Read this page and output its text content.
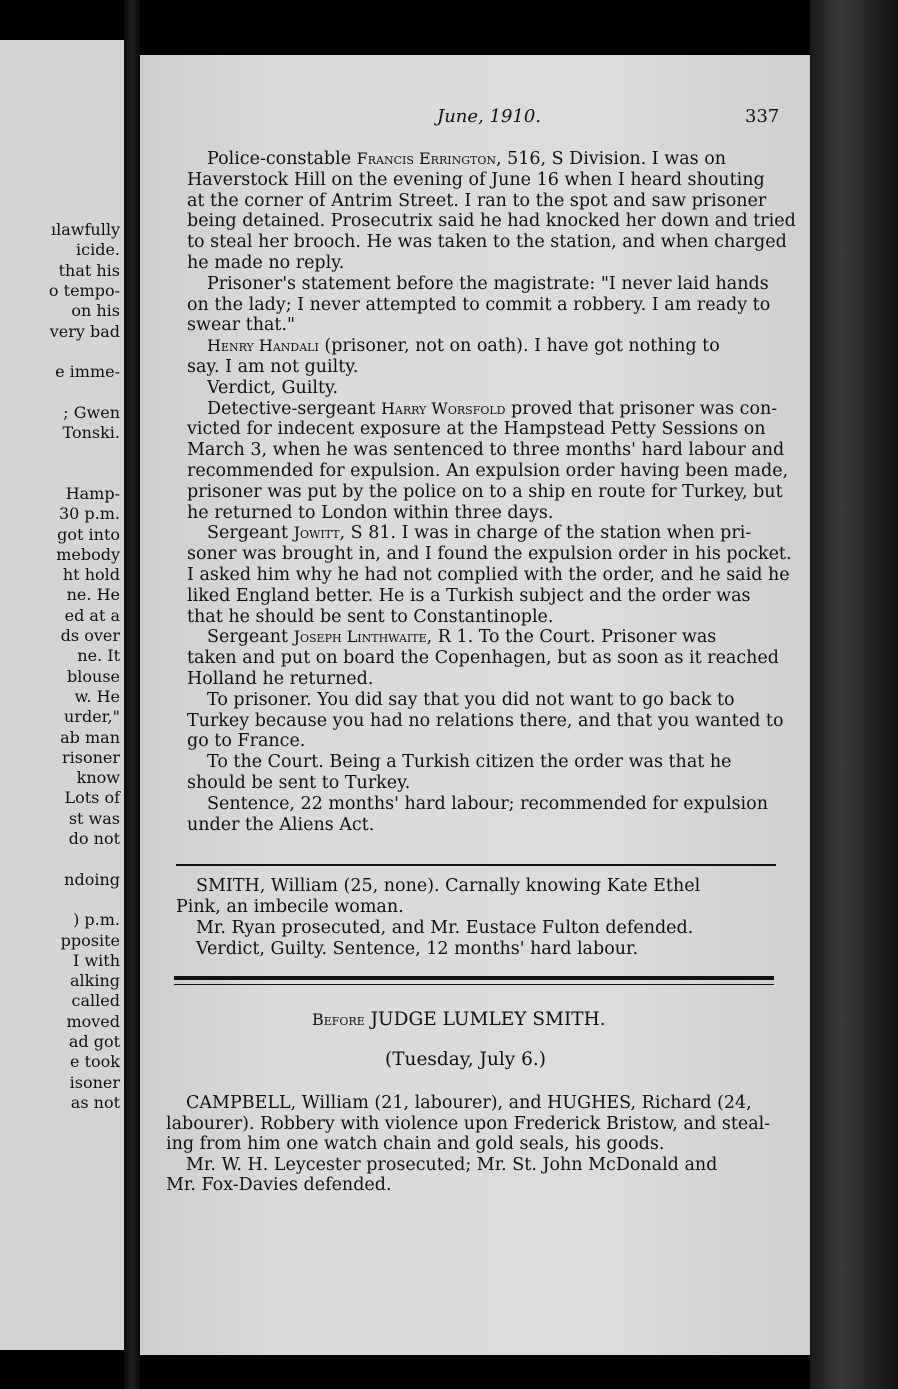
ılawfully
icide.
that his
o tempo-
on his
very bad
e imme-
; Gwen
Tonski.
Hamp-
30 p.m.
got into
mebody
ht hold
ne. He
ed at a
ds over
ne. It
blouse
w. He
urder,"
ab man
risoner
know
Lots of
st was
do not
ndoing
) p.m.
pposite
I with
alking
called
moved
ad got
e took
isoner
as not
June, 1910.	337
Police-constable Francis Errington, 516, S Division. I was on
Haverstock Hill on the evening of June 16 when I heard shouting
at the corner of Antrim Street. I ran to the spot and saw prisoner
being detained. Prosecutrix said he had knocked her down and tried
to steal her brooch. He was taken to the station, and when charged
he made no reply.
Prisoner's statement before the magistrate: "I never laid hands
on the lady; I never attempted to commit a robbery. I am ready to
swear that."
Henry Handali (prisoner, not on oath). I have got nothing to
say. I am not guilty.
Verdict, Guilty.
Detective-sergeant Harry Worsfold proved that prisoner was con-
victed for indecent exposure at the Hampstead Petty Sessions on
March 3, when he was sentenced to three months' hard labour and
recommended for expulsion. An expulsion order having been made,
prisoner was put by the police on to a ship en route for Turkey, but
he returned to London within three days.
Sergeant Jowitt, S 81. I was in charge of the station when pri-
soner was brought in, and I found the expulsion order in his pocket.
I asked him why he had not complied with the order, and he said he
liked England better. He is a Turkish subject and the order was
that he should be sent to Constantinople.
Sergeant Joseph Linthwaite, R 1. To the Court. Prisoner was
taken and put on board the Copenhagen, but as soon as it reached
Holland he returned.
To prisoner. You did say that you did not want to go back to
Turkey because you had no relations there, and that you wanted to
go to France.
To the Court. Being a Turkish citizen the order was that he
should be sent to Turkey.
Sentence, 22 months' hard labour; recommended for expulsion
under the Aliens Act.
SMITH, William (25, none). Carnally knowing Kate Ethel
Pink, an imbecile woman.
Mr. Ryan prosecuted, and Mr. Eustace Fulton defended.
Verdict, Guilty. Sentence, 12 months' hard labour.
Before JUDGE LUMLEY SMITH.
(Tuesday, July 6.)
CAMPBELL, William (21, labourer), and HUGHES, Richard (24,
labourer). Robbery with violence upon Frederick Bristow, and steal-
ing from him one watch chain and gold seals, his goods.
Mr. W. H. Leycester prosecuted; Mr. St. John McDonald and
Mr. Fox-Davies defended.
